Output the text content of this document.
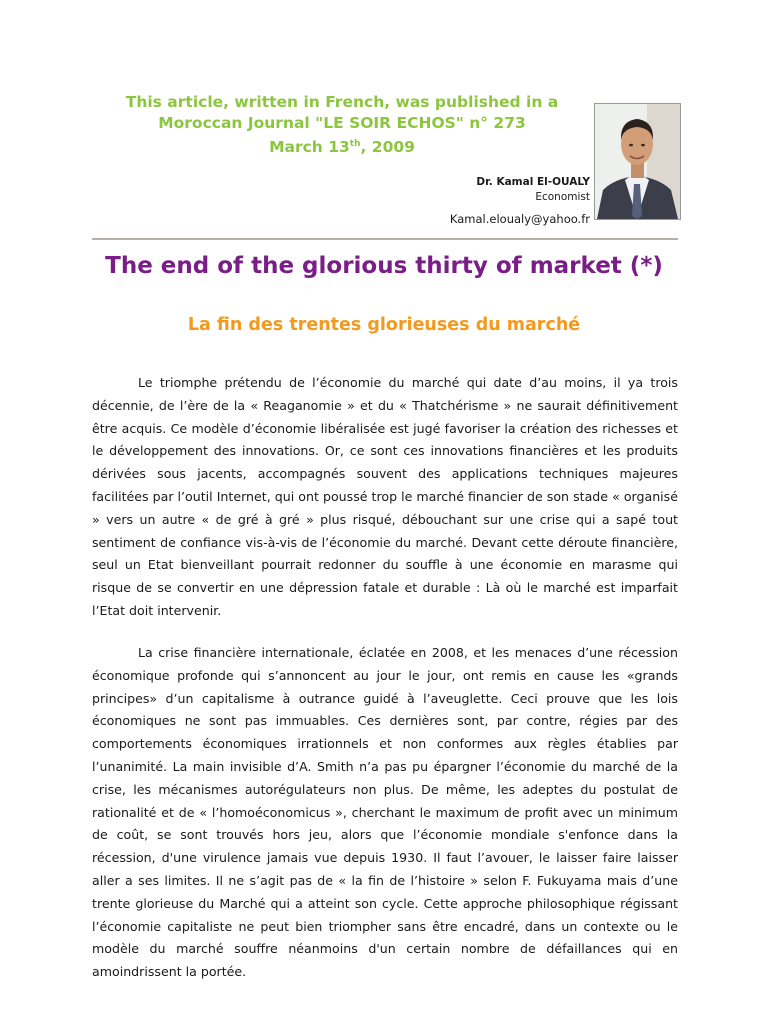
This article, written in French, was published in a
Moroccan Journal "LE SOIR ECHOS" n° 273
March 13th, 2009
Dr. Kamal El-OUALY
Economist
Kamal.eloualy@yahoo.fr
The end of the glorious thirty of market (*)
La fin des trentes glorieuses du marché

Le triomphe prétendu de l’économie du marché qui date d’au moins, il ya trois décennie, de l’ère de la « Reaganomie » et du « Thatchérisme » ne saurait définitivement être acquis. Ce modèle d’économie libéralisée est jugé favoriser la création des richesses et le développement des innovations. Or, ce sont ces innovations financières et les produits dérivées sous jacents, accompagnés souvent des applications techniques majeures facilitées par l’outil Internet, qui ont poussé trop le marché financier de son stade « organisé » vers un autre « de gré à gré » plus risqué, débouchant sur une crise qui a sapé tout sentiment de confiance vis-à-vis de l’économie du marché. Devant cette déroute financière, seul un Etat bienveillant pourrait redonner du souffle à une économie en marasme qui risque de se convertir en une dépression fatale et durable : Là où le marché est imparfait l’Etat doit intervenir.

La crise financière internationale, éclatée en 2008, et les menaces d’une récession économique profonde qui s’annoncent au jour le jour, ont remis en cause les «grands principes» d’un capitalisme à outrance guidé à l’aveuglette. Ceci prouve que les lois économiques ne sont pas immuables. Ces dernières sont, par contre, régies par des comportements économiques irrationnels et non conformes aux règles établies par l’unanimité. La main invisible d’A. Smith n’a pas pu épargner l’économie du marché de la crise, les mécanismes autorégulateurs non plus. De même, les adeptes du postulat de rationalité et de « l’homoéconomicus », cherchant le maximum de profit avec un minimum de coût, se sont trouvés hors jeu, alors que l’économie mondiale s'enfonce dans la récession, d'une virulence jamais vue depuis 1930. Il faut l’avouer, le laisser faire laisser aller a ses limites. Il ne s’agit pas de « la fin de l’histoire » selon F. Fukuyama mais d’une trente glorieuse du Marché qui a atteint son cycle. Cette approche philosophique régissant l’économie capitaliste ne peut bien triompher sans être encadré, dans un contexte ou le modèle du marché souffre néanmoins d'un certain nombre de défaillances qui en amoindrissent la portée.
